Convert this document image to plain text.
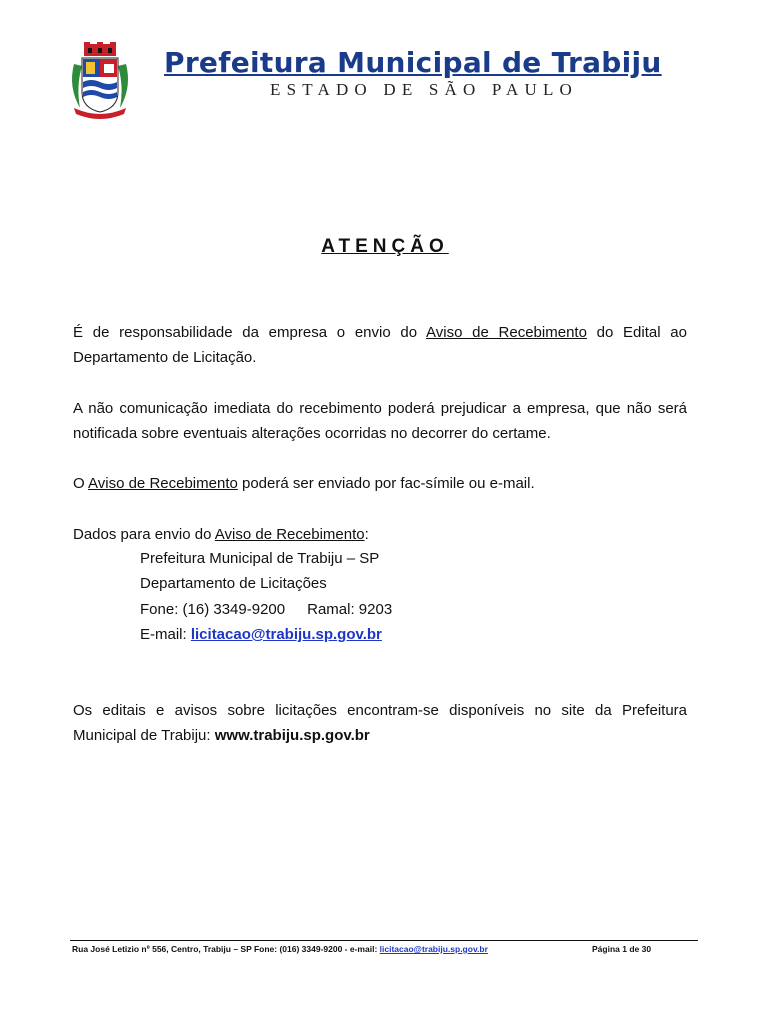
Prefeitura Municipal de Trabiju
ESTADO DE SÃO PAULO
ATENÇÃO
É de responsabilidade da empresa o envio do Aviso de Recebimento do Edital ao Departamento de Licitação.
A não comunicação imediata do recebimento poderá prejudicar a empresa, que não será notificada sobre eventuais alterações ocorridas no decorrer do certame.
O Aviso de Recebimento poderá ser enviado por fac-símile ou e-mail.
Dados para envio do Aviso de Recebimento:
Prefeitura Municipal de Trabiju – SP
Departamento de Licitações
Fone: (16) 3349-9200 Ramal: 9203
E-mail: licitacao@trabiju.sp.gov.br
Os editais e avisos sobre licitações encontram-se disponíveis no site da Prefeitura Municipal de Trabiju: www.trabiju.sp.gov.br
Rua José Letizio nº 556, Centro, Trabiju – SP Fone: (016) 3349-9200 - e-mail: licitacao@trabiju.sp.gov.br	Página 1 de 30
